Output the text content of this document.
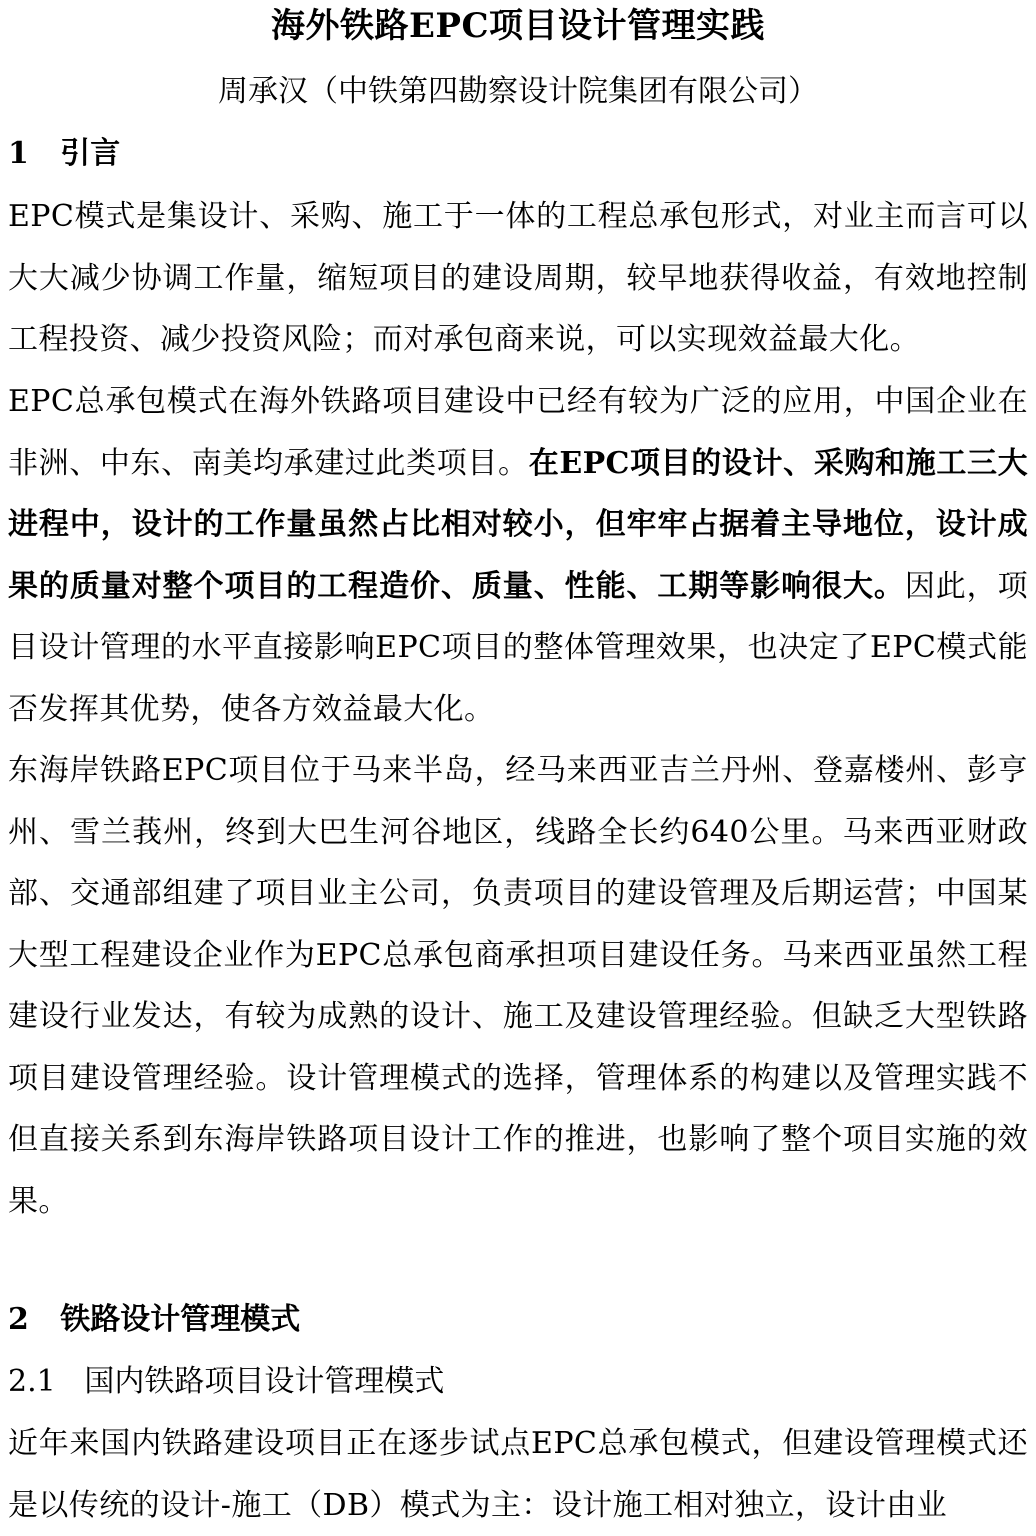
海外铁路EPC项目设计管理实践
周承汉（中铁第四勘察设计院集团有限公司）
1 引言
EPC模式是集设计、采购、施工于一体的工程总承包形式，对业主而言可以大大减少协调工作量，缩短项目的建设周期，较早地获得收益，有效地控制工程投资、减少投资风险；而对承包商来说，可以实现效益最大化。
EPC总承包模式在海外铁路项目建设中已经有较为广泛的应用，中国企业在非洲、中东、南美均承建过此类项目。在EPC项目的设计、采购和施工三大进程中，设计的工作量虽然占比相对较小，但牢牢占据着主导地位，设计成果的质量对整个项目的工程造价、质量、性能、工期等影响很大。因此，项目设计管理的水平直接影响EPC项目的整体管理效果，也决定了EPC模式能否发挥其优势，使各方效益最大化。
东海岸铁路EPC项目位于马来半岛，经马来西亚吉兰丹州、登嘉楼州、彭亨州、雪兰莪州，终到大巴生河谷地区，线路全长约640公里。马来西亚财政部、交通部组建了项目业主公司，负责项目的建设管理及后期运营；中国某大型工程建设企业作为EPC总承包商承担项目建设任务。马来西亚虽然工程建设行业发达，有较为成熟的设计、施工及建设管理经验。但缺乏大型铁路项目建设管理经验。设计管理模式的选择，管理体系的构建以及管理实践不但直接关系到东海岸铁路项目设计工作的推进，也影响了整个项目实施的效果。
2 铁路设计管理模式
2.1 国内铁路项目设计管理模式
近年来国内铁路建设项目正在逐步试点EPC总承包模式，但建设管理模式还是以传统的设计-施工（DB）模式为主：设计施工相对独立，设计由业
